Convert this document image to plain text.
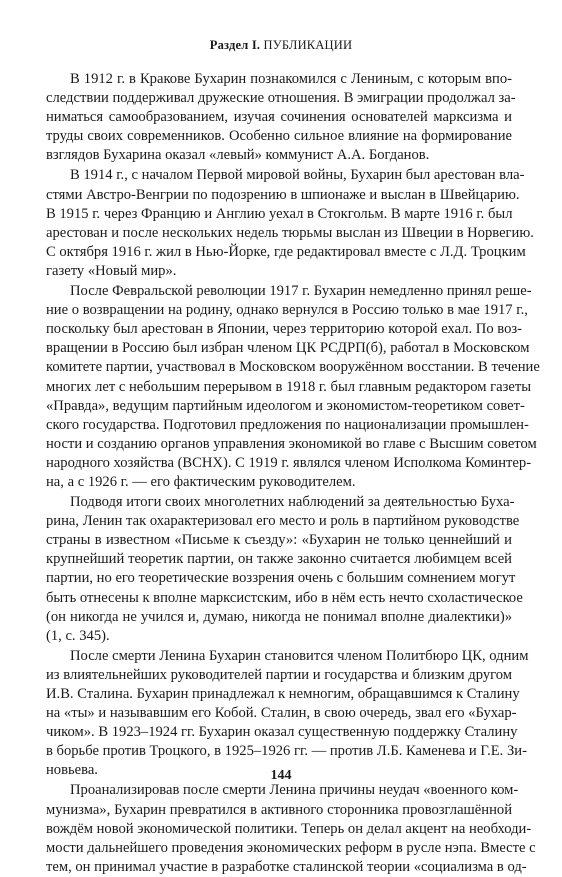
Раздел I. ПУБЛИКАЦИИ

В 1912 г. в Кракове Бухарин познакомился с Лениным, с которым впо-
следствии поддерживал дружеские отношения. В эмиграции продолжал за-
ниматься самообразованием, изучая сочинения основателей марксизма и
труды своих современников. Особенно сильное влияние на формирование
взглядов Бухарина оказал «левый» коммунист А.А. Богданов.

В 1914 г., с началом Первой мировой войны, Бухарин был арестован вла-
стями Австро-Венгрии по подозрению в шпионаже и выслан в Швейцарию.
В 1915 г. через Францию и Англию уехал в Стокгольм. В марте 1916 г. был
арестован и после нескольких недель тюрьмы выслан из Швеции в Норвегию.
С октября 1916 г. жил в Нью-Йорке, где редактировал вместе с Л.Д. Троцким
газету «Новый мир».

После Февральской революции 1917 г. Бухарин немедленно принял реше-
ние о возвращении на родину, однако вернулся в Россию только в мае 1917 г.,
поскольку был арестован в Японии, через территорию которой ехал. По воз-
вращении в Россию был избран членом ЦК РСДРП(б), работал в Московском
комитете партии, участвовал в Московском вооружённом восстании. В течение
многих лет с небольшим перерывом в 1918 г. был главным редактором газеты
«Правда», ведущим партийным идеологом и экономистом-теоретиком совет-
ского государства. Подготовил предложения по национализации промышлен-
ности и созданию органов управления экономикой во главе с Высшим советом
народного хозяйства (ВСНХ). С 1919 г. являлся членом Исполкома Коминтер-
на, а с 1926 г. — его фактическим руководителем.

Подводя итоги своих многолетних наблюдений за деятельностью Буха-
рина, Ленин так охарактеризовал его место и роль в партийном руководстве
страны в известном «Письме к съезду»: «Бухарин не только ценнейший и
крупнейший теоретик партии, он также законно считается любимцем всей
партии, но его теоретические воззрения очень с большим сомнением могут
быть отнесены к вполне марксистским, ибо в нём есть нечто схоластическое
(он никогда не учился и, думаю, никогда не понимал вполне диалектики)»
(1, с. 345).

После смерти Ленина Бухарин становится членом Политбюро ЦК, одним
из влиятельнейших руководителей партии и государства и близким другом
И.В. Сталина. Бухарин принадлежал к немногим, обращавшимся к Сталину
на «ты» и называвшим его Кобой. Сталин, в свою очередь, звал его «Бухар-
чиком». В 1923–1924 гг. Бухарин оказал существенную поддержку Сталину
в борьбе против Троцкого, в 1925–1926 гг. — против Л.Б. Каменева и Г.Е. Зи-
новьева.

Проанализировав после смерти Ленина причины неудач «военного ком-
мунизма», Бухарин превратился в активного сторонника провозглашённой
вождём новой экономической политики. Теперь он делал акцент на необходи-
мости дальнейшего проведения экономических реформ в русле нэпа. Вместе с
тем, он принимал участие в разработке сталинской теории «социализма в од-

144
